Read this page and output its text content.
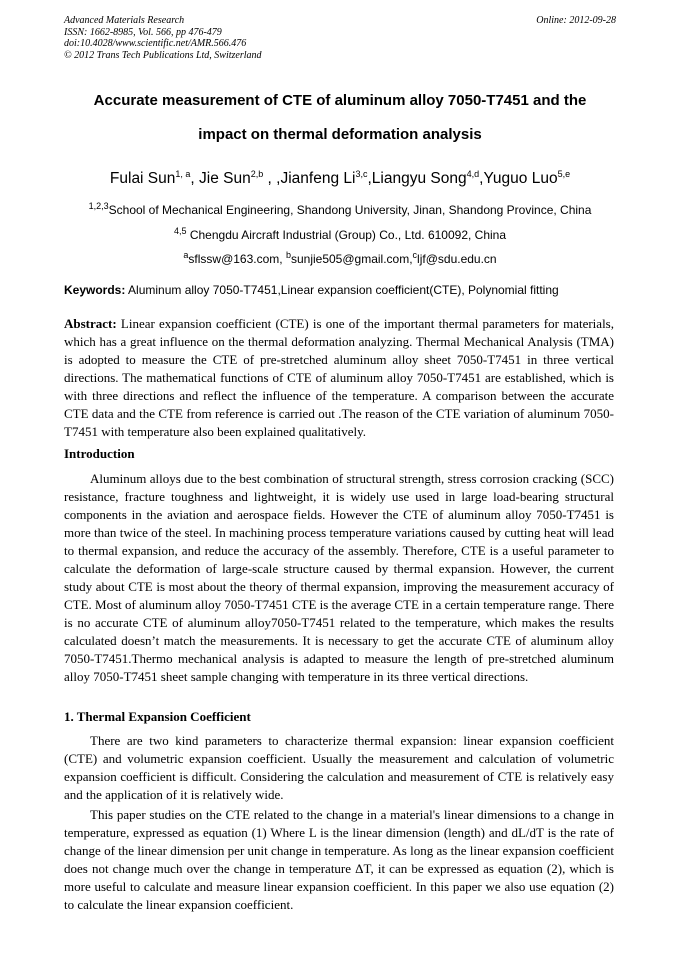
Advanced Materials Research
ISSN: 1662-8985, Vol. 566, pp 476-479
doi:10.4028/www.scientific.net/AMR.566.476
© 2012 Trans Tech Publications Ltd, Switzerland
Online: 2012-09-28
Accurate measurement of CTE of aluminum alloy 7050-T7451 and the
impact on thermal deformation analysis
Fulai Sun$^{1, a}$, Jie Sun$^{2,b}$ , ,Jianfeng Li$^{3,c}$,Liangyu Song$^{4,d}$,Yuguo Luo$^{5,e}$
$^{1,2,3}$School of Mechanical Engineering, Shandong University, Jinan, Shandong Province, China
$^{4,5}$ Chengdu Aircraft Industrial (Group) Co., Ltd. 610092, China
$^a$sflssw@163.com, $^b$sunjie505@gmail.com,$^c$ljf@sdu.edu.cn
Keywords: Aluminum alloy 7050-T7451,Linear expansion coefficient(CTE), Polynomial fitting
Abstract: Linear expansion coefficient (CTE) is one of the important thermal parameters for materials, which has a great influence on the thermal deformation analyzing. Thermal Mechanical Analysis (TMA) is adopted to measure the CTE of pre-stretched aluminum alloy sheet 7050-T7451 in three vertical directions. The mathematical functions of CTE of aluminum alloy 7050-T7451 are established, which is with three directions and reflect the influence of the temperature. A comparison between the accurate CTE data and the CTE from reference is carried out .The reason of the CTE variation of aluminum 7050-T7451 with temperature also been explained qualitatively.
Introduction

Aluminum alloys due to the best combination of structural strength, stress corrosion cracking (SCC) resistance, fracture toughness and lightweight, it is widely use used in large load-bearing structural components in the aviation and aerospace fields. However the CTE of aluminum alloy 7050-T7451 is more than twice of the steel. In machining process temperature variations caused by cutting heat will lead to thermal expansion, and reduce the accuracy of the assembly. Therefore, CTE is a useful parameter to calculate the deformation of large-scale structure caused by thermal expansion. However, the current study about CTE is most about the theory of thermal expansion, improving the measurement accuracy of CTE. Most of aluminum alloy 7050-T7451 CTE is the average CTE in a certain temperature range. There is no accurate CTE of aluminum alloy7050-T7451 related to the temperature, which makes the results calculated doesn’t match the measurements. It is necessary to get the accurate CTE of aluminum alloy 7050-T7451.Thermo mechanical analysis is adapted to measure the length of pre-stretched aluminum alloy 7050-T7451 sheet sample changing with temperature in its three vertical directions.

1. Thermal Expansion Coefficient

There are two kind parameters to characterize thermal expansion: linear expansion coefficient (CTE) and volumetric expansion coefficient. Usually the measurement and calculation of volumetric expansion coefficient is difficult. Considering the calculation and measurement of CTE is relatively easy and the application of it is relatively wide.

This paper studies on the CTE related to the change in a material's linear dimensions to a change in temperature, expressed as equation (1) Where L is the linear dimension (length) and dL/dT is the rate of change of the linear dimension per unit change in temperature. As long as the linear expansion coefficient does not change much over the change in temperature ΔT, it can be expressed as equation (2), which is more useful to calculate and measure linear expansion coefficient. In this paper we also use equation (2) to calculate the linear expansion coefficient.
